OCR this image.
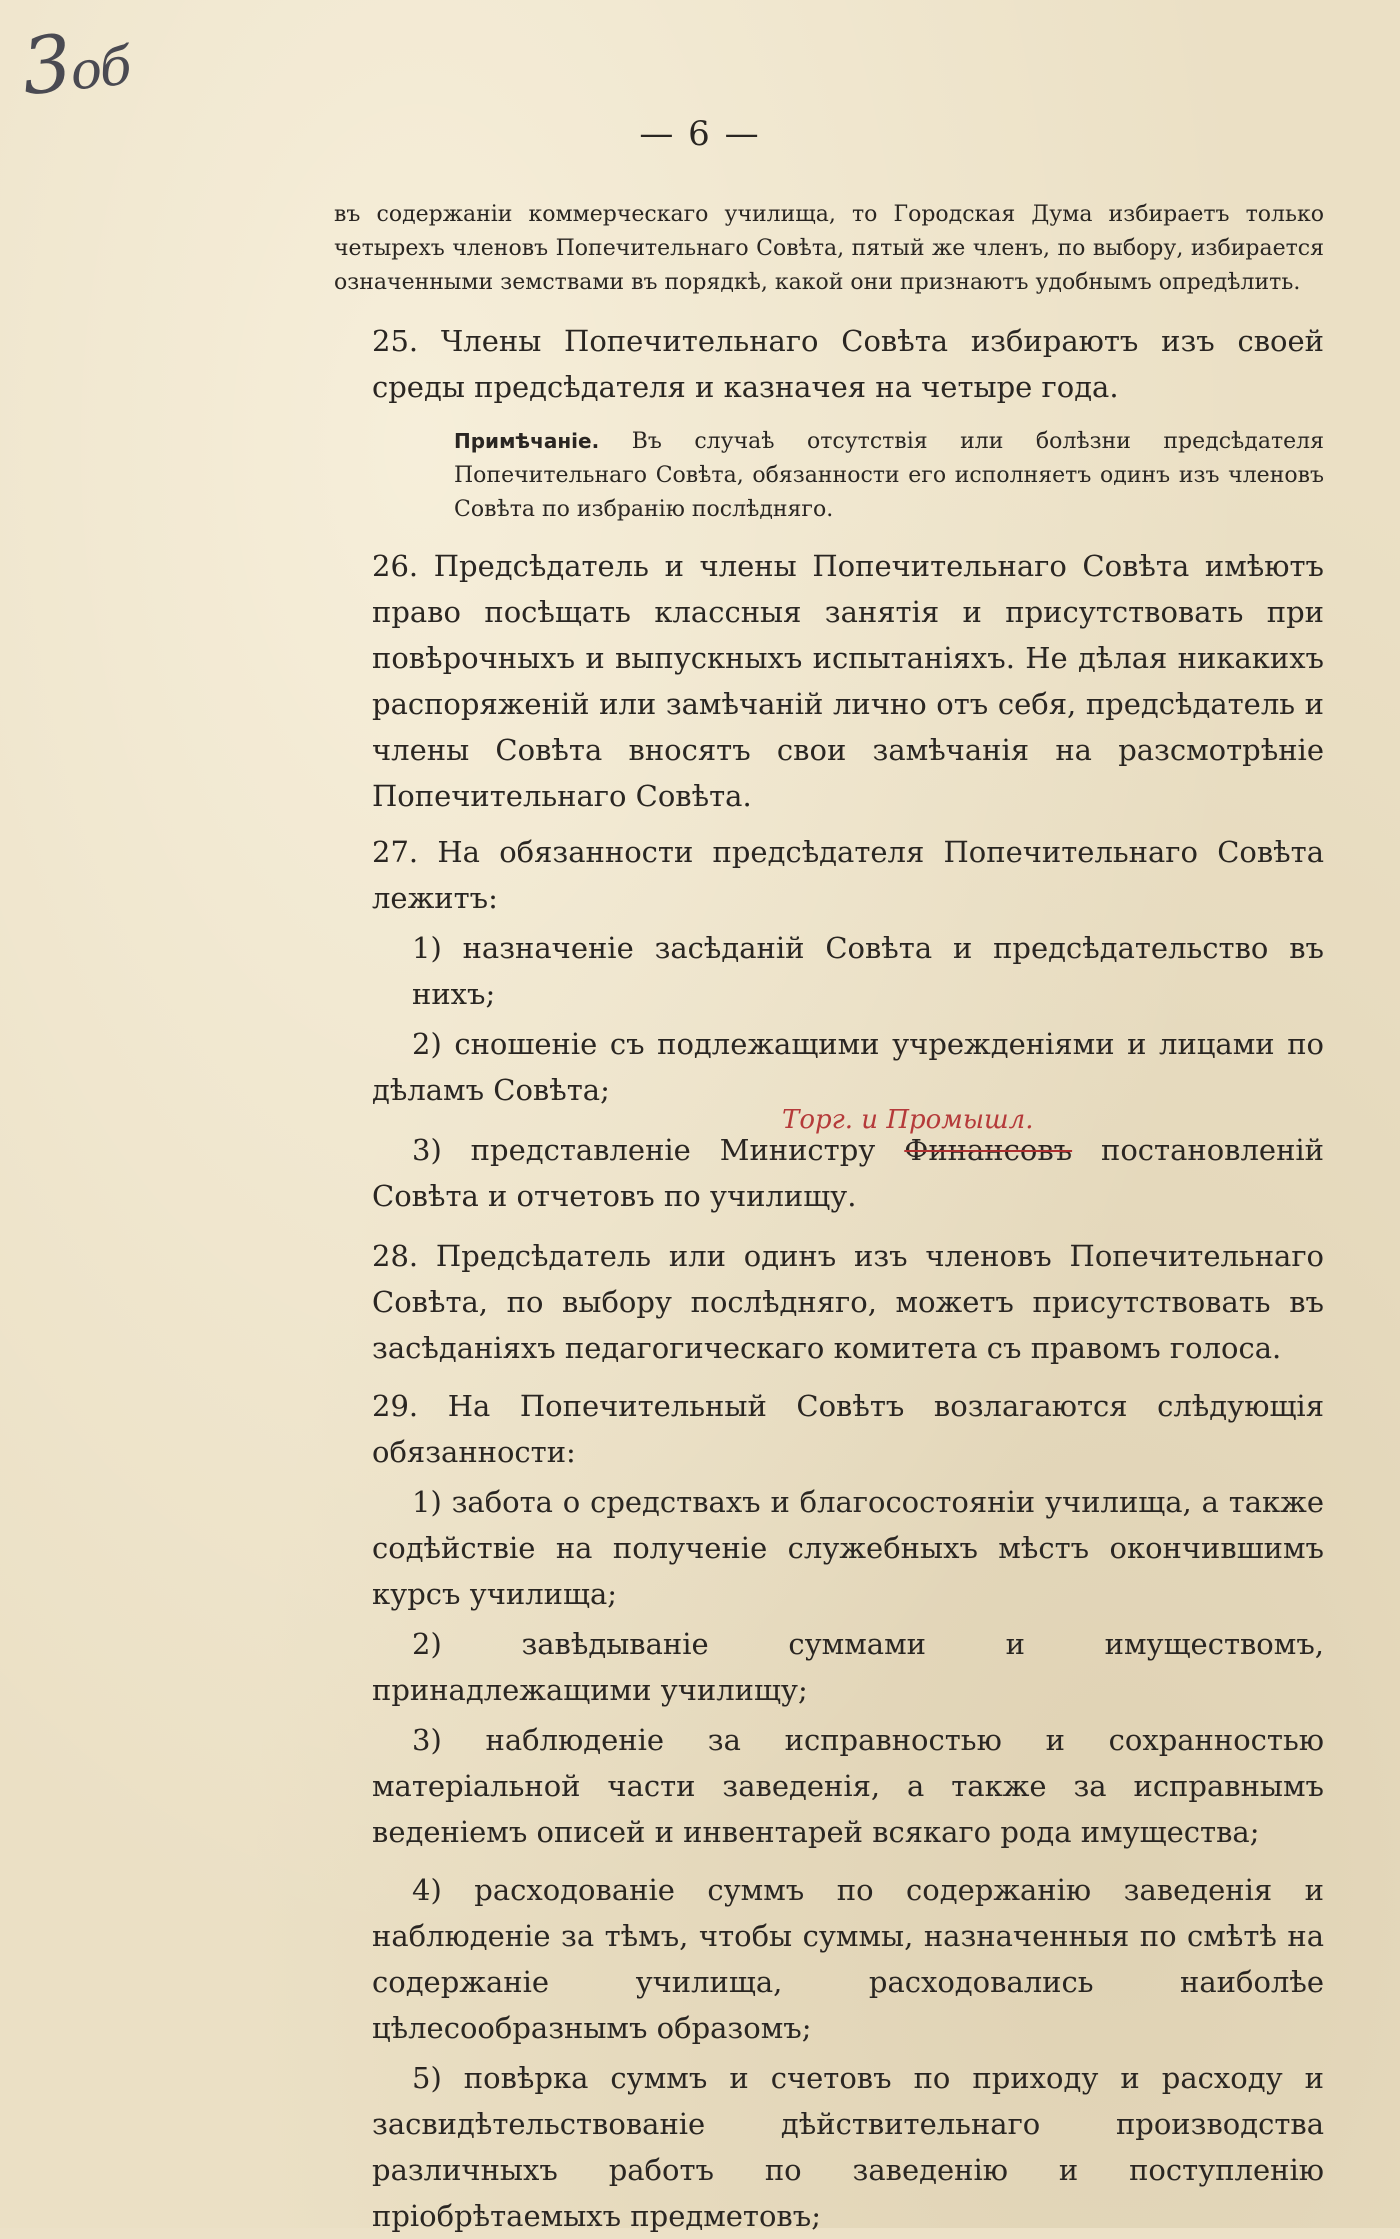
3об
— 6 —
въ содержаніи коммерческаго училища, то Городская Дума избираетъ только четырехъ членовъ Попечительнаго Совѣта, пятый же членъ, по выбору, избирается означенными земствами въ порядкѣ, какой они признаютъ удобнымъ опредѣлить.

25. Члены Попечительнаго Совѣта избираютъ изъ своей среды предсѣдателя и казначея на четыре года.

Примѣчаніе. Въ случаѣ отсутствія или болѣзни предсѣдателя Попечительнаго Совѣта, обязанности его исполняетъ одинъ изъ членовъ Совѣта по избранію послѣдняго.

26. Предсѣдатель и члены Попечительнаго Совѣта имѣютъ право посѣщать классныя занятія и присутствовать при повѣрочныхъ и выпускныхъ испытаніяхъ. Не дѣлая никакихъ распоряженій или замѣчаній лично отъ себя, предсѣдатель и члены Совѣта вносятъ свои замѣчанія на разсмотрѣніе Попечительнаго Совѣта.

27. На обязанности предсѣдателя Попечительнаго Совѣта лежитъ:

1) назначеніе засѣданій Совѣта и предсѣдательство въ нихъ;
2) сношеніе съ подлежащими учрежденіями и лицами по дѣламъ Совѣта;
Торг. и Промышл.
3) представленіе Министру Финансовъ постановленій Совѣта и отчетовъ по училищу.

28. Предсѣдатель или одинъ изъ членовъ Попечительнаго Совѣта, по выбору послѣдняго, можетъ присутствовать въ засѣданіяхъ педагогическаго комитета съ правомъ голоса.

29. На Попечительный Совѣтъ возлагаются слѣдующія обязанности:

1) забота о средствахъ и благосостояніи училища, а также содѣйствіе на полученіе служебныхъ мѣстъ окончившимъ курсъ училища;
2) завѣдываніе суммами и имуществомъ, принадлежащими училищу;
3) наблюденіе за исправностью и сохранностью матеріальной части заведенія, а также за исправнымъ веденіемъ описей и инвентарей всякаго рода имущества;
4) расходованіе суммъ по содержанію заведенія и наблюденіе за тѣмъ, чтобы суммы, назначенныя по смѣтѣ на содержаніе училища, расходовались наиболѣе цѣлесообразнымъ образомъ;
5) повѣрка суммъ и счетовъ по приходу и расходу и засвидѣтельствованіе дѣйствительнаго производства различныхъ работъ по заведенію и поступленію пріобрѣтаемыхъ предметовъ;
